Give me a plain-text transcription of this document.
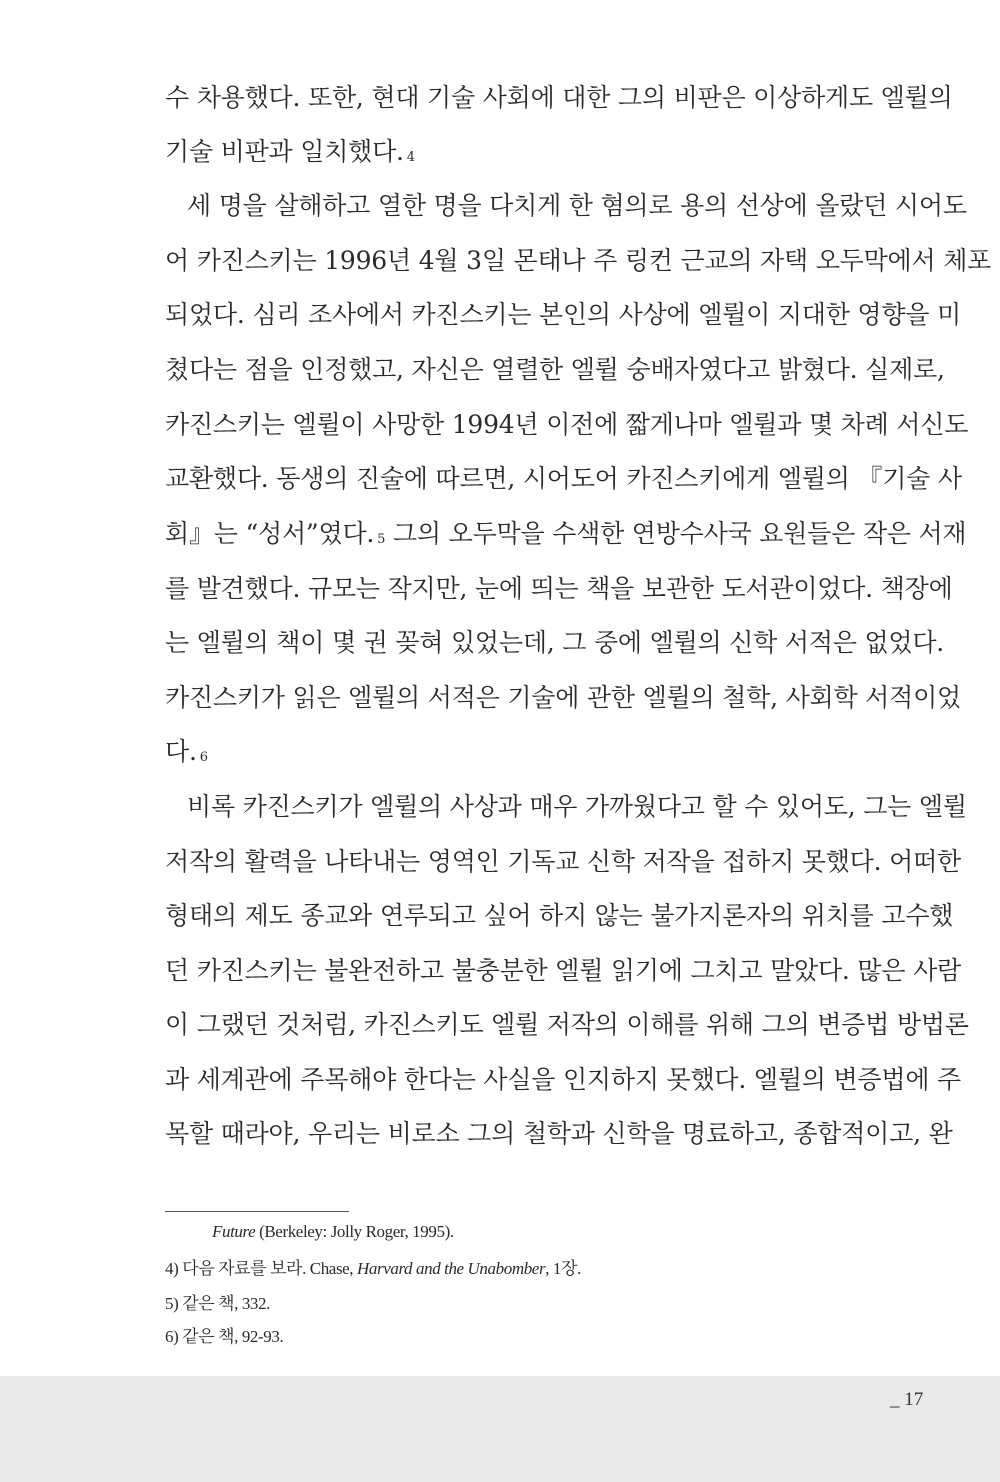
수 차용했다. 또한, 현대 기술 사회에 대한 그의 비판은 이상하게도 엘륄의
기술 비판과 일치했다. 4
세 명을 살해하고 열한 명을 다치게 한 혐의로 용의 선상에 올랐던 시어도
어 카진스키는 1996년 4월 3일 몬태나 주 링컨 근교의 자택 오두막에서 체포
되었다. 심리 조사에서 카진스키는 본인의 사상에 엘륄이 지대한 영향을 미
쳤다는 점을 인정했고, 자신은 열렬한 엘륄 숭배자였다고 밝혔다. 실제로,
카진스키는 엘륄이 사망한 1994년 이전에 짧게나마 엘륄과 몇 차례 서신도
교환했다. 동생의 진술에 따르면, 시어도어 카진스키에게 엘륄의 『기술 사
회』는 “성서”였다. 5 그의 오두막을 수색한 연방수사국 요원들은 작은 서재
를 발견했다. 규모는 작지만, 눈에 띄는 책을 보관한 도서관이었다. 책장에
는 엘륄의 책이 몇 권 꽂혀 있었는데, 그 중에 엘륄의 신학 서적은 없었다.
카진스키가 읽은 엘륄의 서적은 기술에 관한 엘륄의 철학, 사회학 서적이었
다. 6
비록 카진스키가 엘륄의 사상과 매우 가까웠다고 할 수 있어도, 그는 엘륄
저작의 활력을 나타내는 영역인 기독교 신학 저작을 접하지 못했다. 어떠한
형태의 제도 종교와 연루되고 싶어 하지 않는 불가지론자의 위치를 고수했
던 카진스키는 불완전하고 불충분한 엘륄 읽기에 그치고 말았다. 많은 사람
이 그랬던 것처럼, 카진스키도 엘륄 저작의 이해를 위해 그의 변증법 방법론
과 세계관에 주목해야 한다는 사실을 인지하지 못했다. 엘륄의 변증법에 주
목할 때라야, 우리는 비로소 그의 철학과 신학을 명료하고, 종합적이고, 완
Future (Berkeley: Jolly Roger, 1995).
4) 다음 자료를 보라. Chase, Harvard and the Unabomber, 1장.
5) 같은 책, 332.
6) 같은 책, 92-93.
_ 17
